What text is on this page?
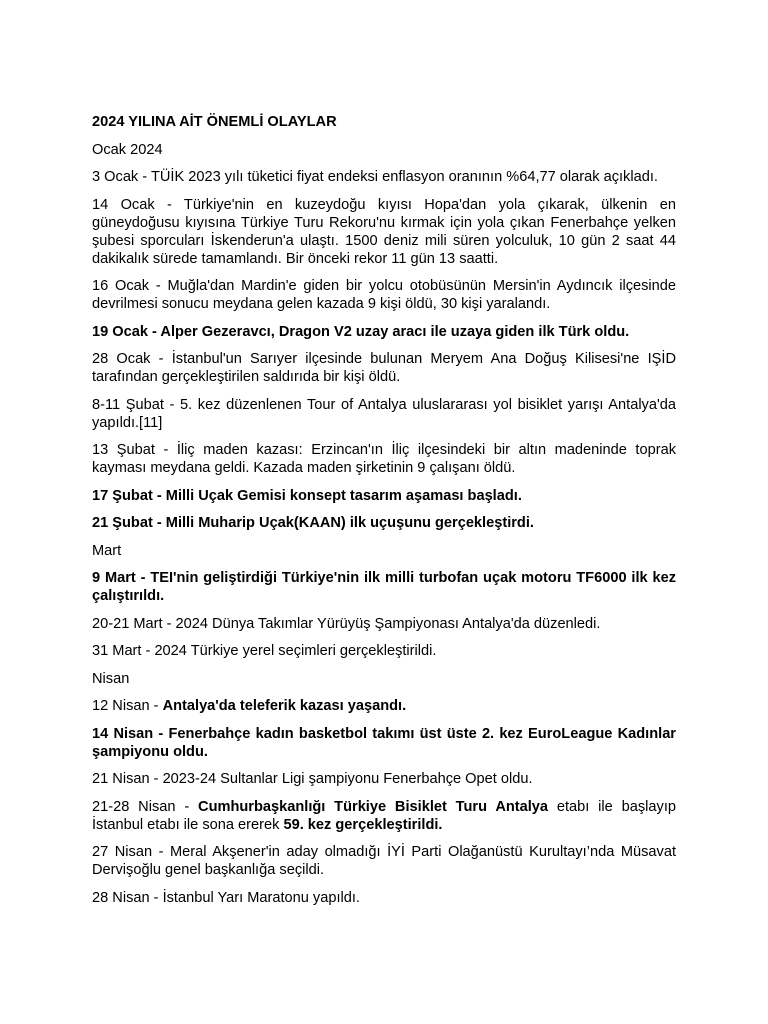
2024 YILINA AİT ÖNEMLİ OLAYLAR

Ocak 2024

3 Ocak - TÜİK 2023 yılı tüketici fiyat endeksi enflasyon oranının %64,77 olarak açıkladı.

14 Ocak - Türkiye'nin en kuzeydoğu kıyısı Hopa'dan yola çıkarak, ülkenin en güneydoğusu kıyısına Türkiye Turu Rekoru'nu kırmak için yola çıkan Fenerbahçe yelken şubesi sporcuları İskenderun'a ulaştı. 1500 deniz mili süren yolculuk, 10 gün 2 saat 44 dakikalık sürede tamamlandı. Bir önceki rekor 11 gün 13 saatti.

16 Ocak - Muğla'dan Mardin'e giden bir yolcu otobüsünün Mersin'in Aydıncık ilçesinde devrilmesi sonucu meydana gelen kazada 9 kişi öldü, 30 kişi yaralandı.

19 Ocak - Alper Gezeravcı, Dragon V2 uzay aracı ile uzaya giden ilk Türk oldu.

28 Ocak - İstanbul'un Sarıyer ilçesinde bulunan Meryem Ana Doğuş Kilisesi'ne IŞİD tarafından gerçekleştirilen saldırıda bir kişi öldü.

8-11 Şubat - 5. kez düzenlenen Tour of Antalya uluslararası yol bisiklet yarışı Antalya'da yapıldı.[11]

13 Şubat - İliç maden kazası: Erzincan'ın İliç ilçesindeki bir altın madeninde toprak kayması meydana geldi. Kazada maden şirketinin 9 çalışanı öldü.

17 Şubat - Milli Uçak Gemisi konsept tasarım aşaması başladı.

21 Şubat - Milli Muharip Uçak(KAAN) ilk uçuşunu gerçekleştirdi.

Mart

9 Mart - TEI'nin geliştirdiği Türkiye'nin ilk milli turbofan uçak motoru TF6000 ilk kez çalıştırıldı.

20-21 Mart - 2024 Dünya Takımlar Yürüyüş Şampiyonası Antalya'da düzenledi.

31 Mart - 2024 Türkiye yerel seçimleri gerçekleştirildi.

Nisan

12 Nisan - Antalya'da teleferik kazası yaşandı.

14 Nisan - Fenerbahçe kadın basketbol takımı üst üste 2. kez EuroLeague Kadınlar şampiyonu oldu.

21 Nisan - 2023-24 Sultanlar Ligi şampiyonu Fenerbahçe Opet oldu.

21-28 Nisan - Cumhurbaşkanlığı Türkiye Bisiklet Turu Antalya etabı ile başlayıp İstanbul etabı ile sona ererek 59. kez gerçekleştirildi.

27 Nisan - Meral Akşener'in aday olmadığı İYİ Parti Olağanüstü Kurultayı’nda Müsavat Dervişoğlu genel başkanlığa seçildi.

28 Nisan - İstanbul Yarı Maratonu yapıldı.
